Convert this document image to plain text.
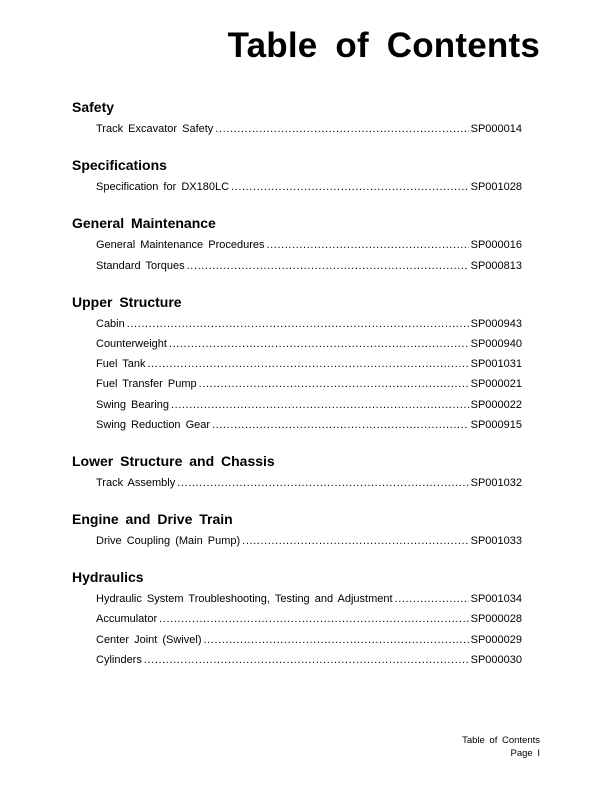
Table of Contents
Safety
Track Excavator Safety .....	SP000014
Specifications
Specification for DX180LC .....	SP001028
General Maintenance
General Maintenance Procedures .....	SP000016
Standard Torques .....	SP000813
Upper Structure
Cabin .....	SP000943
Counterweight .....	SP000940
Fuel Tank .....	SP001031
Fuel Transfer Pump .....	SP000021
Swing Bearing .....	SP000022
Swing Reduction Gear .....	SP000915
Lower Structure and Chassis
Track Assembly .....	SP001032
Engine and Drive Train
Drive Coupling (Main Pump) .....	SP001033
Hydraulics
Hydraulic System Troubleshooting, Testing and Adjustment .....	SP001034
Accumulator .....	SP000028
Center Joint (Swivel) .....	SP000029
Cylinders .....	SP000030
Table of Contents
Page I
